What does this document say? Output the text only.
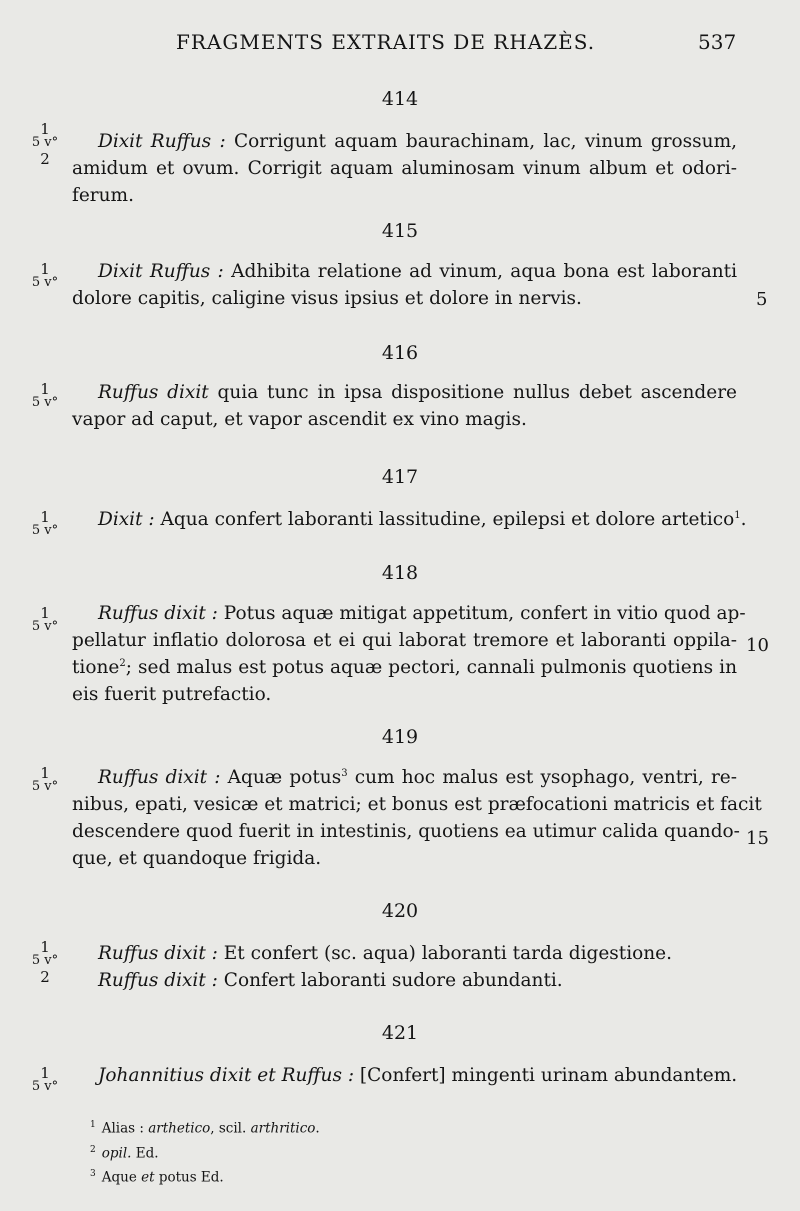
FRAGMENTS EXTRAITS DE RHAZÈS.	537
414
1
5 v°
2
Dixit Ruffus : Corrigunt aquam baurachinam, lac, vinum grossum,
amidum et ovum. Corrigit aquam aluminosam vinum album et odori-
ferum.
415
1
5 v°
Dixit Ruffus : Adhibita relatione ad vinum, aqua bona est laboranti
dolore capitis, caligine visus ipsius et dolore in nervis.	5
416
1
5 v°	Ruffus dixit quia tunc in ipsa dispositione nullus debet ascendere
vapor ad caput, et vapor ascendit ex vino magis.
417
1
5 v°
Dixit : Aqua confert laboranti lassitudine, epilepsi et dolore artetico$^1$.
418
1
5 v°
Ruffus dixit : Potus aquæ mitigat appetitum, confert in vitio quod ap-
pellatur inflatio dolorosa et ei qui laborat tremore et laboranti oppila-
tione$^2$; sed malus est potus aquæ pectori, cannali pulmonis quotiens in
eis fuerit putrefactio.
10
419
1
5 v°	Ruffus dixit : Aquæ potus$^3$ cum hoc malus est ysophago, ventri, re-
nibus, epati, vesicæ et matrici; et bonus est præfocationi matricis et facit
descendere quod fuerit in intestinis, quotiens ea utimur calida quando-
que, et quandoque frigida.
15
420
1
5 v°
2
Ruffus dixit : Et confert (sc. aqua) laboranti tarda digestione.
Ruffus dixit : Confert laboranti sudore abundanti.
421
1
5 v°
Johannitius dixit et Ruffus : [Confert] mingenti urinam abundantem.
$^1$ Alias : arthetico, scil. arthritico.
$^2$ opil. Ed.
$^3$ Aque et potus Ed.
